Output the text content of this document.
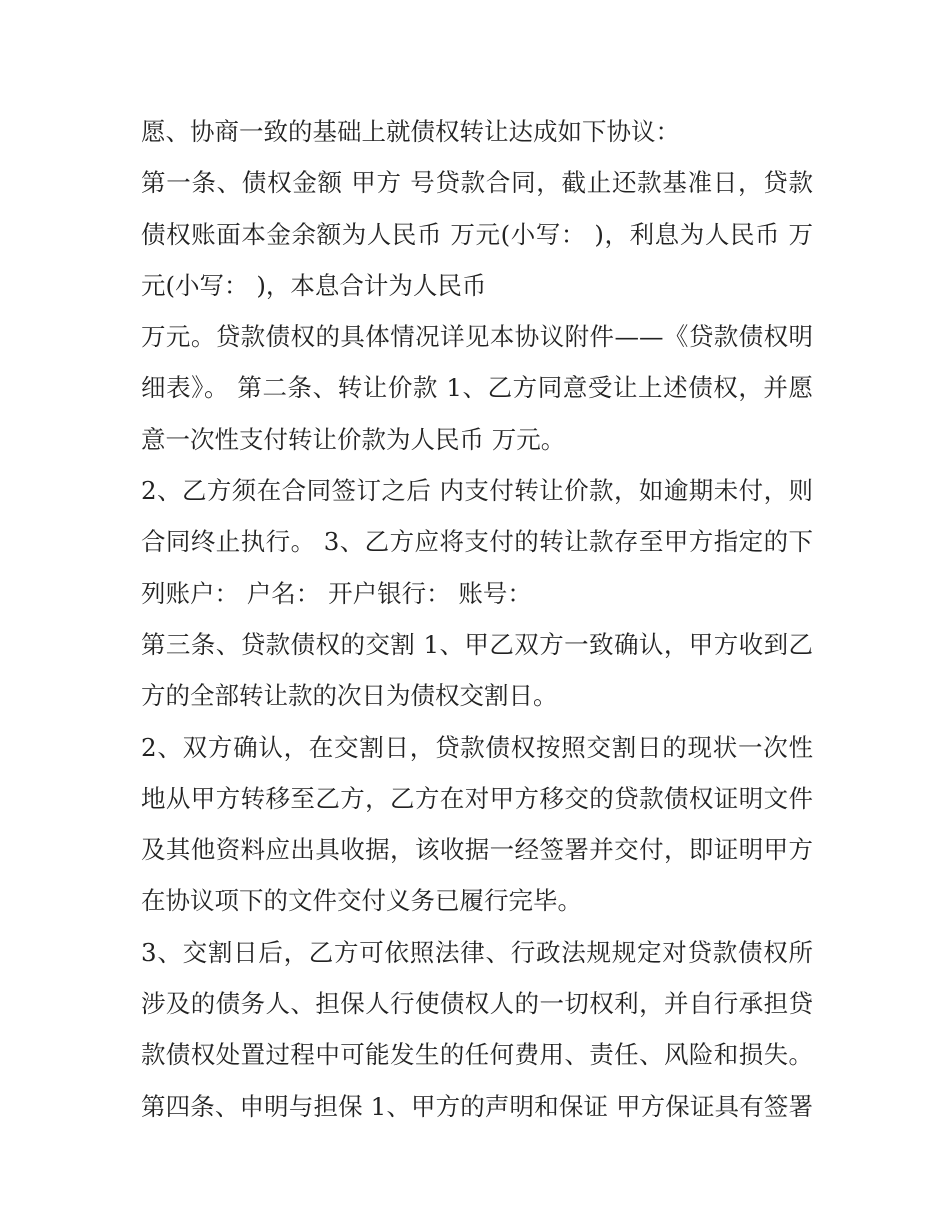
愿、协商一致的基础上就债权转让达成如下协议：
第一条、债权金额 甲方 号贷款合同，截止还款基准日，贷款
债权账面本金余额为人民币 万元(小写： )，利息为人民币 万
元(小写： )，本息合计为人民币
万元。贷款债权的具体情况详见本协议附件——《贷款债权明
细表》。 第二条、转让价款 1、乙方同意受让上述债权，并愿
意一次性支付转让价款为人民币 万元。
2、乙方须在合同签订之后 内支付转让价款，如逾期未付，则
合同终止执行。 3、乙方应将支付的转让款存至甲方指定的下
列账户： 户名： 开户银行： 账号：
第三条、贷款债权的交割 1、甲乙双方一致确认，甲方收到乙
方的全部转让款的次日为债权交割日。
2、双方确认，在交割日，贷款债权按照交割日的现状一次性
地从甲方转移至乙方，乙方在对甲方移交的贷款债权证明文件
及其他资料应出具收据，该收据一经签署并交付，即证明甲方
在协议项下的文件交付义务已履行完毕。
3、交割日后，乙方可依照法律、行政法规规定对贷款债权所
涉及的债务人、担保人行使债权人的一切权利，并自行承担贷
款债权处置过程中可能发生的任何费用、责任、风险和损失。
第四条、申明与担保 1、甲方的声明和保证 甲方保证具有签署
